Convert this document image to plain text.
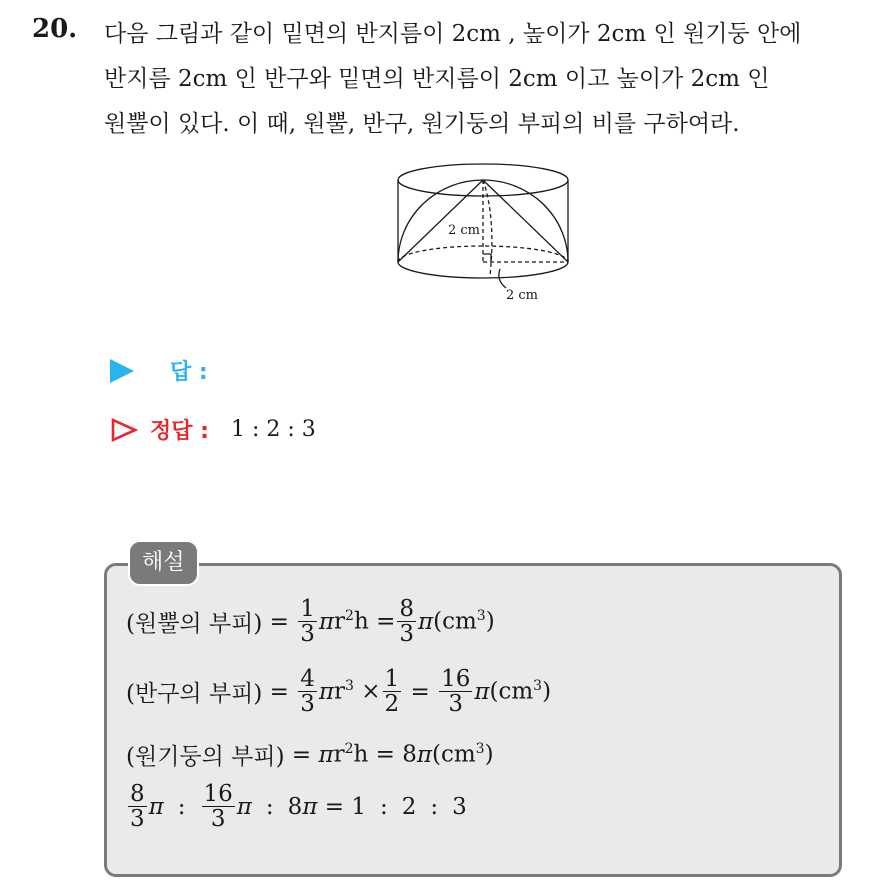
20. 다음 그림과 같이 밑면의 반지름이 2cm , 높이가 2cm 인 원기둥 안에
반지름 2cm 인 반구와 밑면의 반지름이 2cm 이고 높이가 2cm 인
원뿔이 있다. 이 때, 원뿔, 반구, 원기둥의 부피의 비를 구하여라.
2 cm
2 cm
답 :
정답 : 1 : 2 : 3
해설
(원뿔의 부피) = $\frac{1}{3}$ π $r^2h = \frac{8}{3}$ π $(cm^3)$
(반구의 부피) = $\frac{4}{3}$ π $r^3 \times \frac{1}{2} = \frac{16}{3}$ π $(cm^3)$
(원기둥의 부피) = π $r^2h = 8$ π $(cm^3)$
$\frac{8}{3}$ π : $\frac{16}{3}$ π : 8 π = 1 : 2 : 3
